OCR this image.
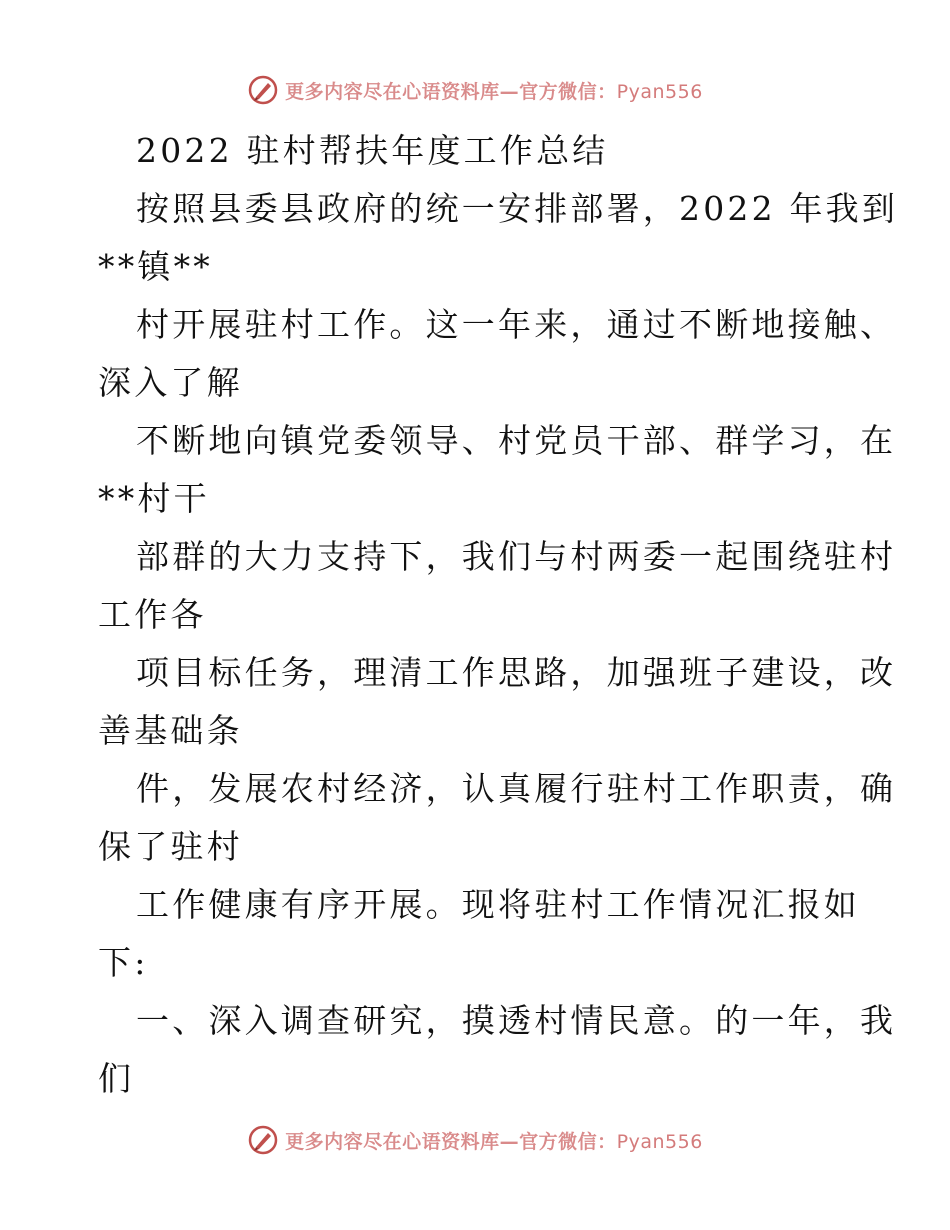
更多内容尽在心语资料库—官方微信：Pyan556
2022 驻村帮扶年度工作总结
按照县委县政府的统一安排部署，2022 年我到
**镇**
村开展驻村工作。这一年来，通过不断地接触、
深入了解
不断地向镇党委领导、村党员干部、群学习，在
**村干
部群的大力支持下，我们与村两委一起围绕驻村
工作各
项目标任务，理清工作思路，加强班子建设，改
善基础条
件，发展农村经济，认真履行驻村工作职责，确
保了驻村
工作健康有序开展。现将驻村工作情况汇报如
下:
一、深入调查研究，摸透村情民意。的一年，我
们
更多内容尽在心语资料库—官方微信：Pyan556
